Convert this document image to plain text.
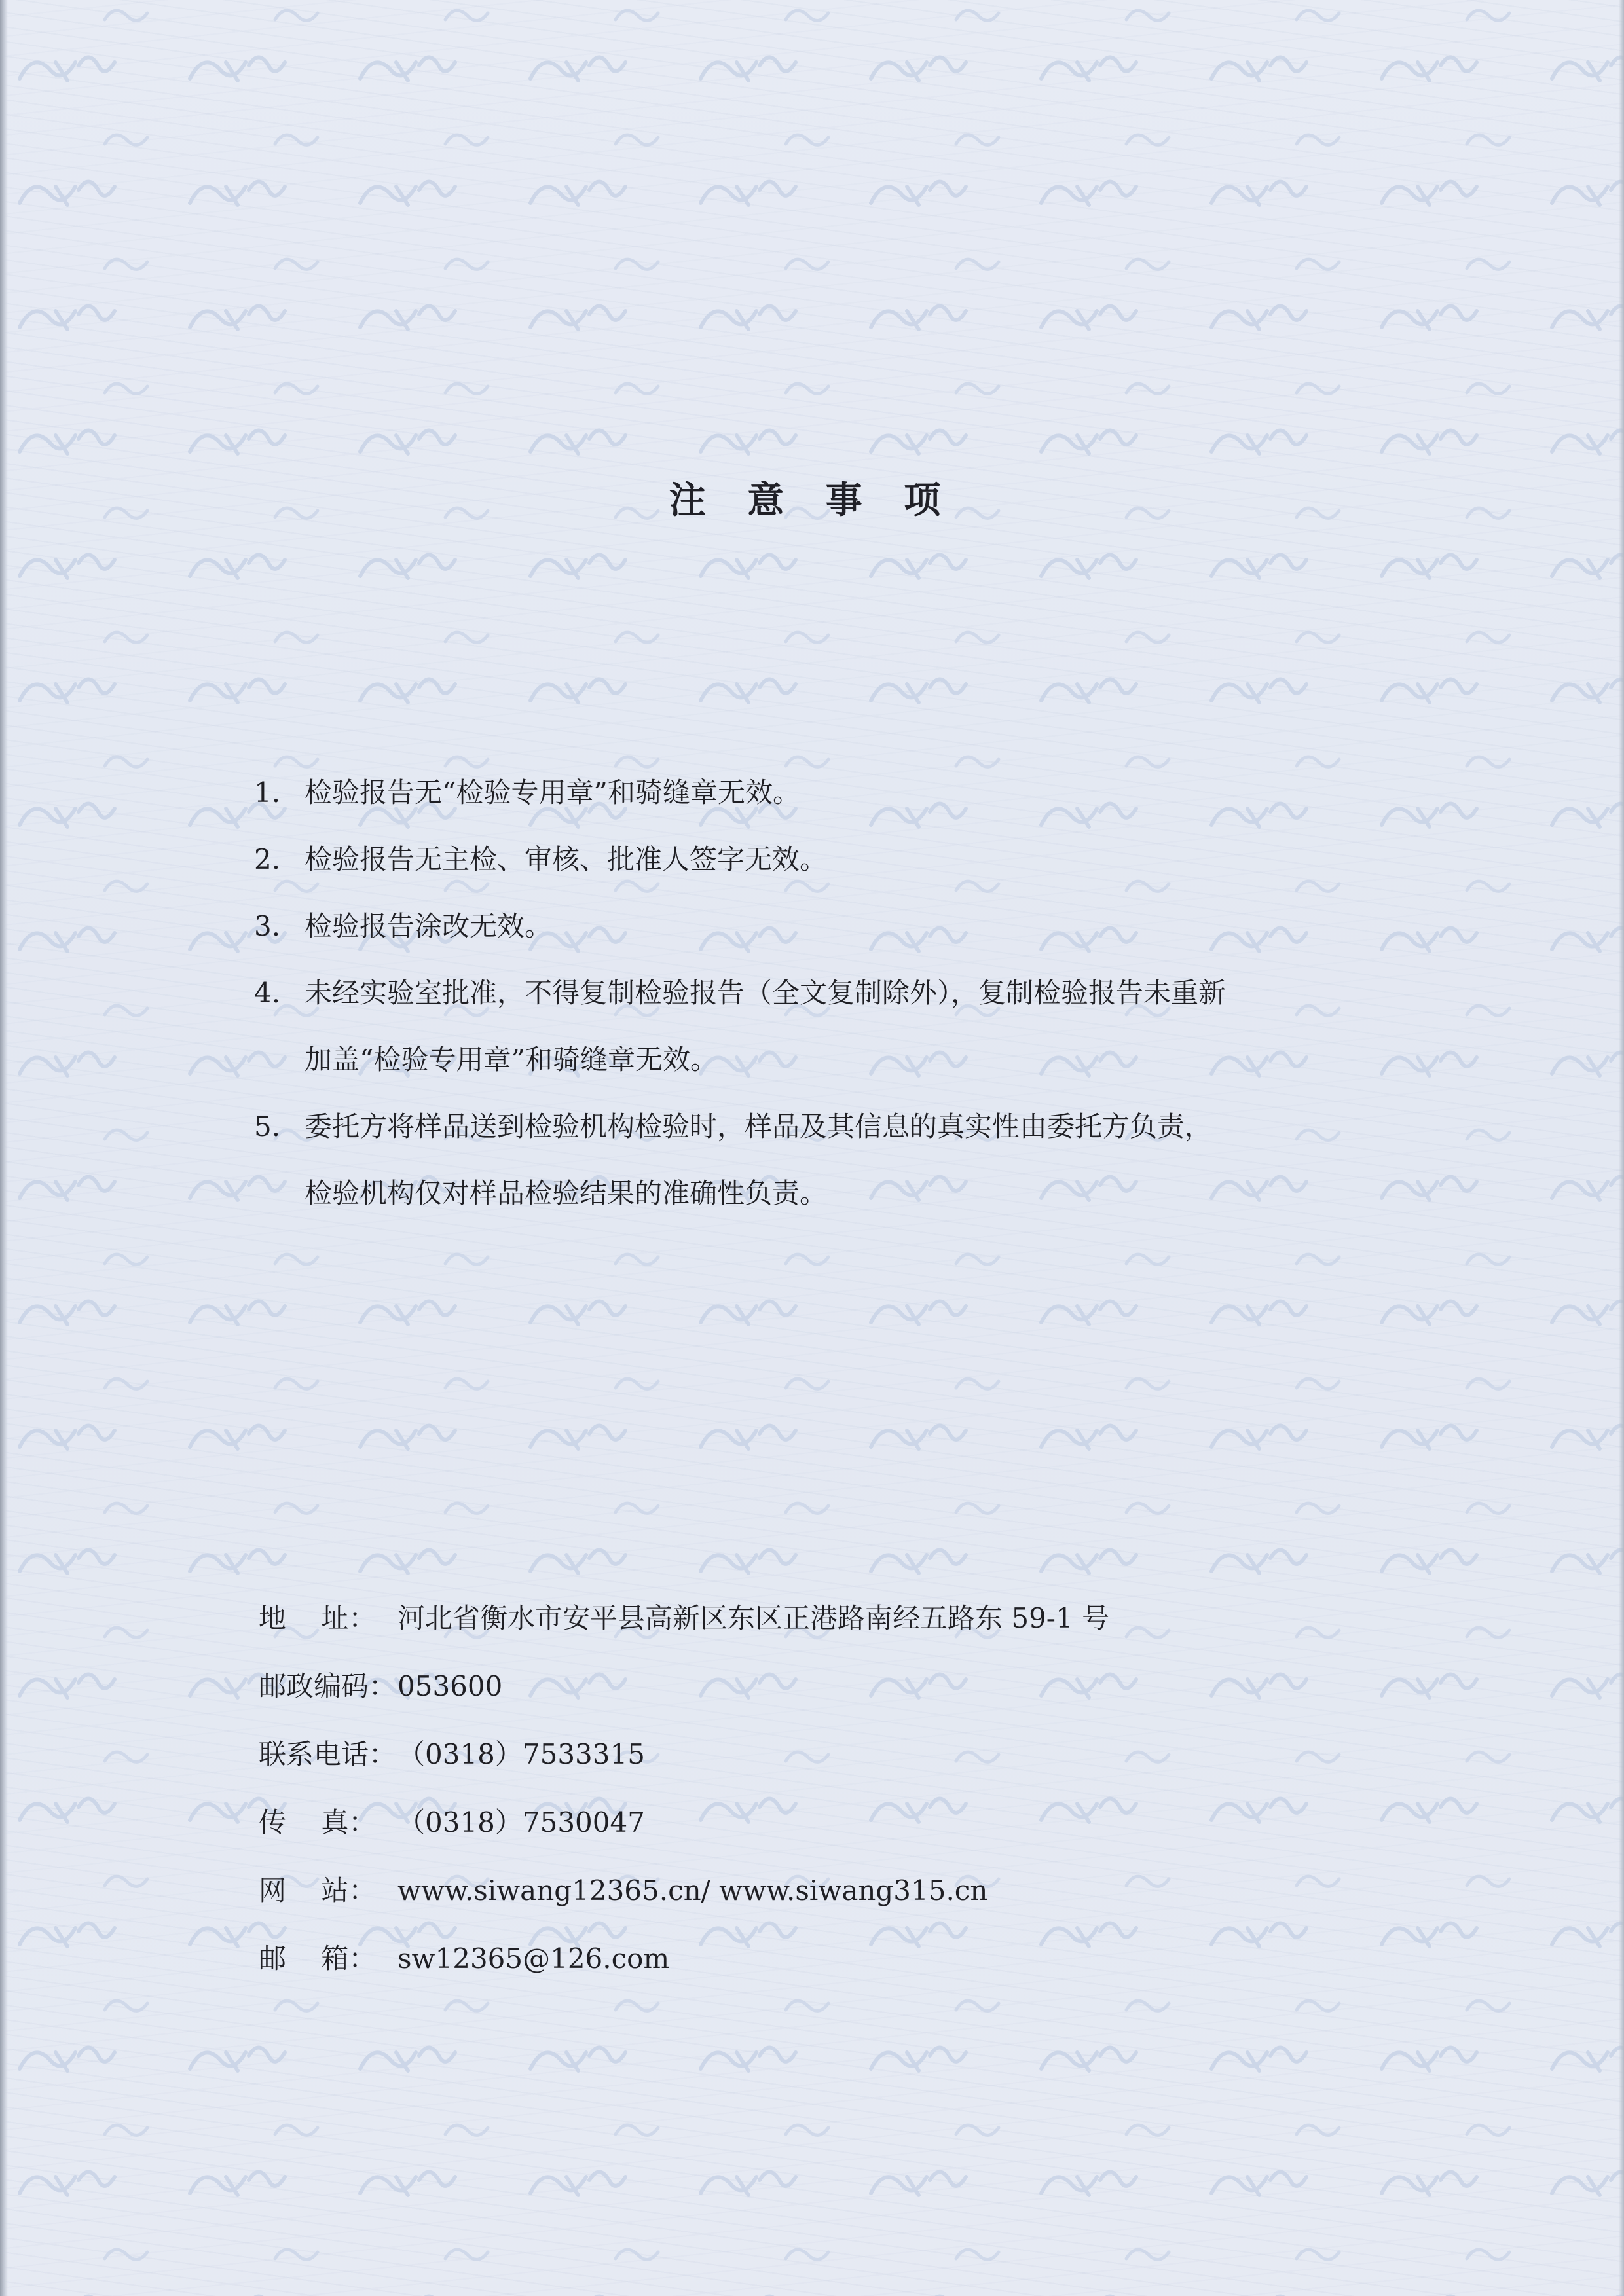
注 意 事 项
1. 检验报告无“检验专用章”和骑缝章无效。
2. 检验报告无主检、审核、批准人签字无效。
3. 检验报告涂改无效。
4. 未经实验室批准，不得复制检验报告（全文复制除外），复制检验报告未重新
加盖“检验专用章”和骑缝章无效。
5. 委托方将样品送到检验机构检验时，样品及其信息的真实性由委托方负责，
检验机构仅对样品检验结果的准确性负责。
地    址： 河北省衡水市安平县高新区东区正港路南经五路东 59-1 号
邮政编码：053600
联系电话：（0318）7533315
传    真： （0318）7530047
网    站： www.siwang12365.cn/ www.siwang315.cn
邮    箱： sw12365@126.com
